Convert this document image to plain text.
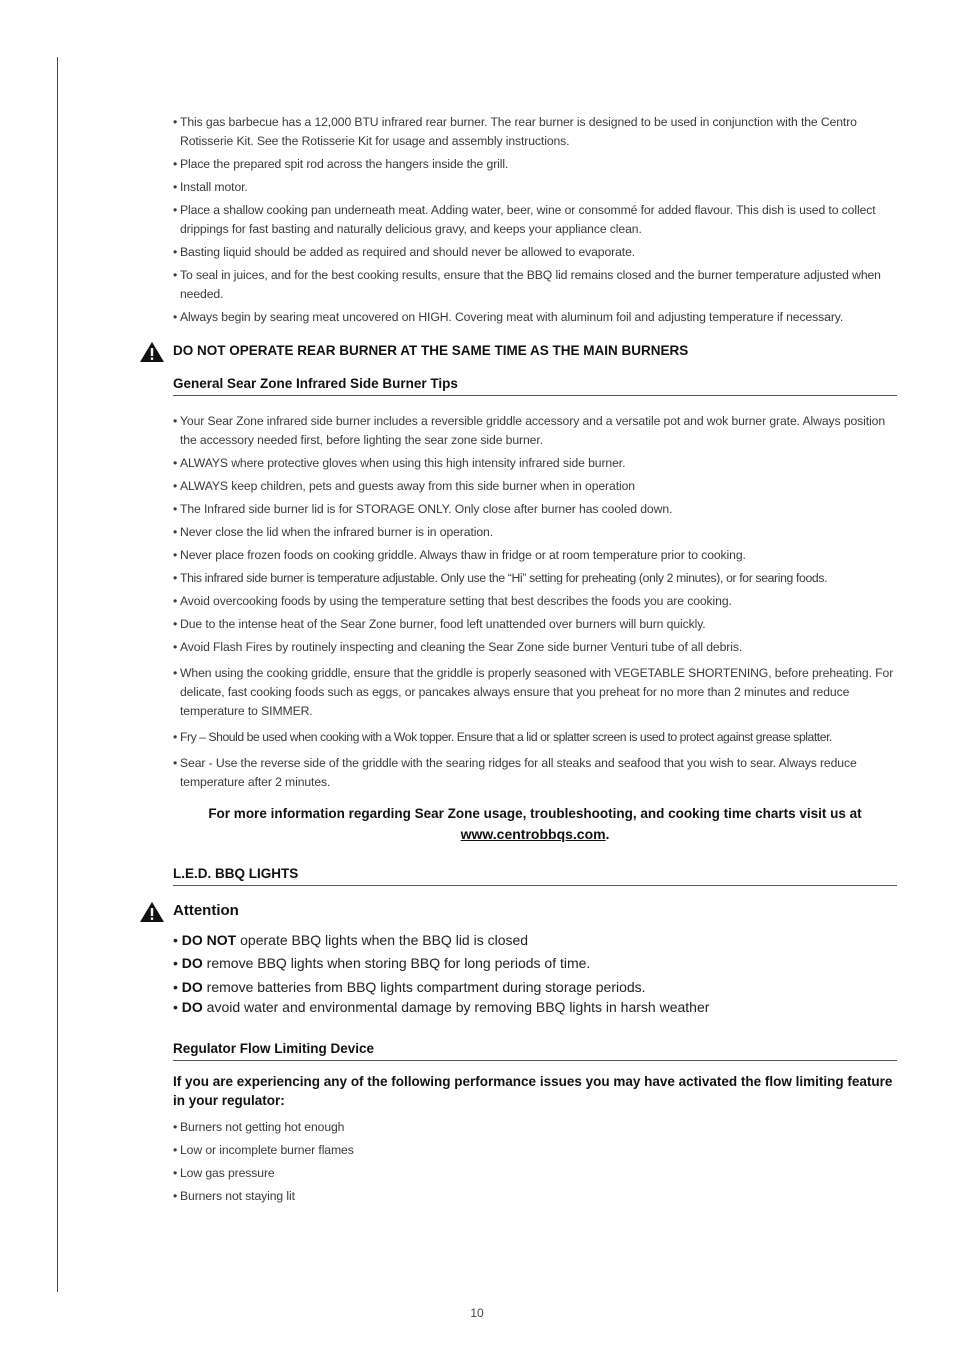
• This gas barbecue has a 12,000 BTU infrared rear burner. The rear burner is designed to be used in conjunction with the Centro Rotisserie Kit. See the Rotisserie Kit for usage and assembly instructions.
• Place the prepared spit rod across the hangers inside the grill.
• Install motor.
• Place a shallow cooking pan underneath meat. Adding water, beer, wine or consommé for added flavour. This dish is used to collect drippings for fast basting and naturally delicious gravy, and keeps your appliance clean.
• Basting liquid should be added as required and should never be allowed to evaporate.
• To seal in juices, and for the best cooking results, ensure that the BBQ lid remains closed and the burner temperature adjusted when needed.
• Always begin by searing meat uncovered on HIGH. Covering meat with aluminum foil and adjusting temperature if necessary.
DO NOT OPERATE REAR BURNER AT THE SAME TIME AS THE MAIN BURNERS
General Sear Zone Infrared Side Burner Tips
• Your Sear Zone infrared side burner includes a reversible griddle accessory and a versatile pot and wok burner grate. Always position the accessory needed first, before lighting the sear zone side burner.
• ALWAYS where protective gloves when using this high intensity infrared side burner.
• ALWAYS keep children, pets and guests away from this side burner when in operation
• The Infrared side burner lid is for STORAGE ONLY. Only close after burner has cooled down.
• Never close the lid when the infrared burner is in operation.
• Never place frozen foods on cooking griddle. Always thaw in fridge or at room temperature prior to cooking.
• This infrared side burner is temperature adjustable. Only use the “Hi” setting for preheating (only 2 minutes), or for searing foods.
• Avoid overcooking foods by using the temperature setting that best describes the foods you are cooking.
• Due to the intense heat of the Sear Zone burner, food left unattended over burners will burn quickly.
• Avoid Flash Fires by routinely inspecting and cleaning the Sear Zone side burner Venturi tube of all debris.
• When using the cooking griddle, ensure that the griddle is properly seasoned with VEGETABLE SHORTENING, before preheating. For delicate, fast cooking foods such as eggs, or pancakes always ensure that you preheat for no more than 2 minutes and reduce temperature to SIMMER.
• Fry – Should be used when cooking with a Wok topper. Ensure that a lid or splatter screen is used to protect against grease splatter.
• Sear - Use the reverse side of the griddle with the searing ridges for all steaks and seafood that you wish to sear. Always reduce temperature after 2 minutes.
For more information regarding Sear Zone usage, troubleshooting, and cooking time charts visit us at
www.centrobbqs.com.
L.E.D. BBQ LIGHTS
Attention
• DO NOT operate BBQ lights when the BBQ lid is closed
• DO remove BBQ lights when storing BBQ for long periods of time.
• DO remove batteries from BBQ lights compartment during storage periods.
• DO avoid water and environmental damage by removing BBQ lights in harsh weather
Regulator Flow Limiting Device
If you are experiencing any of the following performance issues you may have activated the flow limiting feature in your regulator:
• Burners not getting hot enough
• Low or incomplete burner flames
• Low gas pressure
• Burners not staying lit
10
